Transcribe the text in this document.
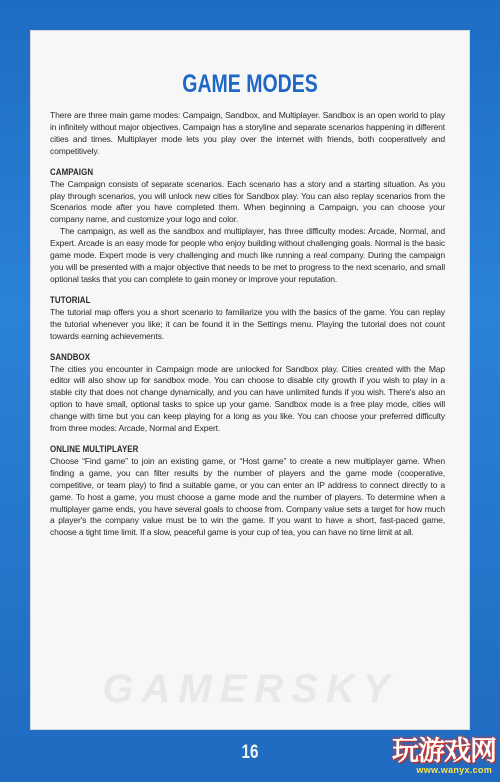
GAME MODES

There are three main game modes: Campaign, Sandbox, and Multiplayer. Sandbox is an open world to play in infinitely without major objectives. Campaign has a storyline and separate scenarios happening in different cities and times. Multiplayer mode lets you play over the internet with friends, both cooperatively and competitively.

CAMPAIGN

The Campaign consists of separate scenarios. Each scenario has a story and a starting situation. As you play through scenarios, you will unlock new cities for Sandbox play. You can also replay scenarios from the Scenarios mode after you have completed them. When beginning a Campaign, you can choose your company name, and customize your logo and color.

The campaign, as well as the sandbox and multiplayer, has three difficulty modes: Arcade, Normal, and Expert. Arcade is an easy mode for people who enjoy building without challenging goals. Normal is the basic game mode. Expert mode is very challenging and much like running a real company. During the campaign you will be presented with a major objective that needs to be met to progress to the next scenario, and small optional tasks that you can complete to gain money or improve your reputation.

TUTORIAL

The tutorial map offers you a short scenario to familiarize you with the basics of the game. You can replay the tutorial whenever you like; it can be found it in the Settings menu. Playing the tutorial does not count towards earning achievements.

SANDBOX

The cities you encounter in Campaign mode are unlocked for Sandbox play. Cities created with the Map editor will also show up for sandbox mode. You can choose to disable city growth if you wish to play in a stable city that does not change dynamically, and you can have unlimited funds if you wish. There's also an option to have small, optional tasks to spice up your game. Sandbox mode is a free play mode, cities will change with time but you can keep playing for a long as you like. You can choose your preferred difficulty from three modes: Arcade, Normal and Expert.

ONLINE MULTIPLAYER

Choose “Find game” to join an existing game, or “Host game” to create a new multiplayer game. When finding a game, you can filter results by the number of players and the game mode (cooperative, competitive, or team play) to find a suitable game, or you can enter an IP address to connect directly to a game. To host a game, you must choose a game mode and the number of players. To determine when a multiplayer game ends, you have several goals to choose from. Company value sets a target for how much a player's the company value must be to win the game. If you want to have a short, fast-paced game, choose a tight time limit. If a slow, peaceful game is your cup of tea, you can have no time limit at all.

GAMERSKY
16	玩游戏网
www.wanyx.com
